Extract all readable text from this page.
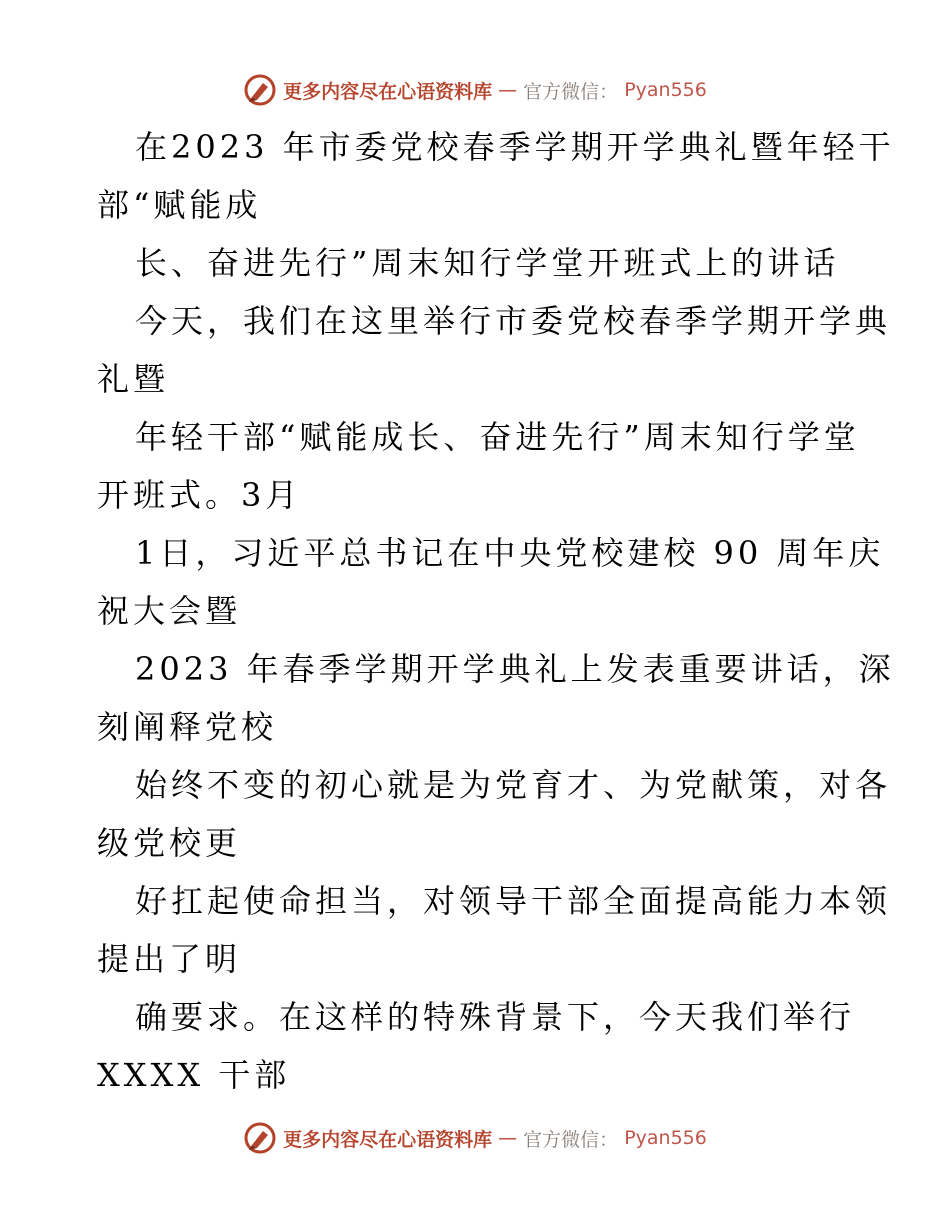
更多内容尽在心语资料库 — 官方微信： Pyan556
在2023 年市委党校春季学期开学典礼暨年轻干
部“赋能成
长、奋进先行”周末知行学堂开班式上的讲话
今天，我们在这里举行市委党校春季学期开学典
礼暨
年轻干部“赋能成长、奋进先行”周末知行学堂
开班式。3月
1日，习近平总书记在中央党校建校 90 周年庆
祝大会暨
2023 年春季学期开学典礼上发表重要讲话，深
刻阐释党校
始终不变的初心就是为党育才、为党献策，对各
级党校更
好扛起使命担当，对领导干部全面提高能力本领
提出了明
确要求。在这样的特殊背景下，今天我们举行
XXXX 干部
更多内容尽在心语资料库 — 官方微信： Pyan556
